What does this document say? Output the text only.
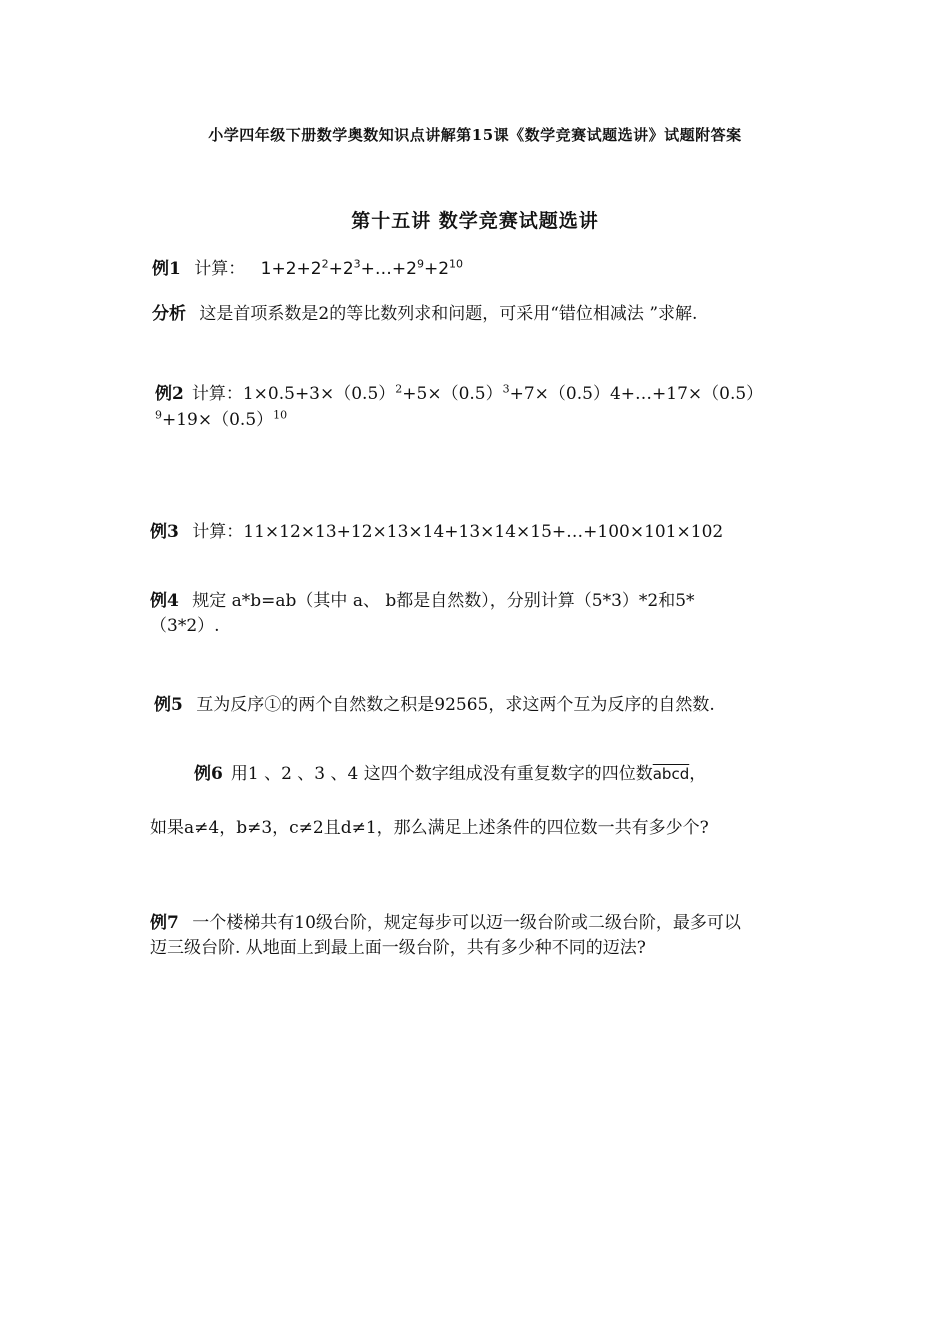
小学四年级下册数学奥数知识点讲解第15课《数学竞赛试题选讲》试题附答案
第十五讲 数学竞赛试题选讲
例1 计算： $1+2+2^2+2^3+\dots+2^9+2^{10}$
分析 这是首项系数是2的等比数列求和问题，可采用“错位相减法 ”求解.
例2 计算：$1\times 0.5+3\times(0.5)^2+5\times(0.5)^3+7\times(0.5)4+\dots+17\times(0.5)$
$^9+19\times(0.5)^{10}$
例3 计算：11×12×13+12×13×14+13×14×15+…+100×101×102
例4 规定 a*b=ab（其中 a、 b都是自然数），分别计算（5*3）*2和5*
（3*2）.
例5 互为反序①的两个自然数之积是92565，求这两个互为反序的自然数.
例6 用1 、2 、3 、4 这四个数字组成没有重复数字的四位数abcd，
如果a≠4，b≠3，c≠2且d≠1，那么满足上述条件的四位数一共有多少个?
例7 一个楼梯共有10级台阶，规定每步可以迈一级台阶或二级台阶，最多可以
迈三级台阶. 从地面上到最上面一级台阶，共有多少种不同的迈法?
